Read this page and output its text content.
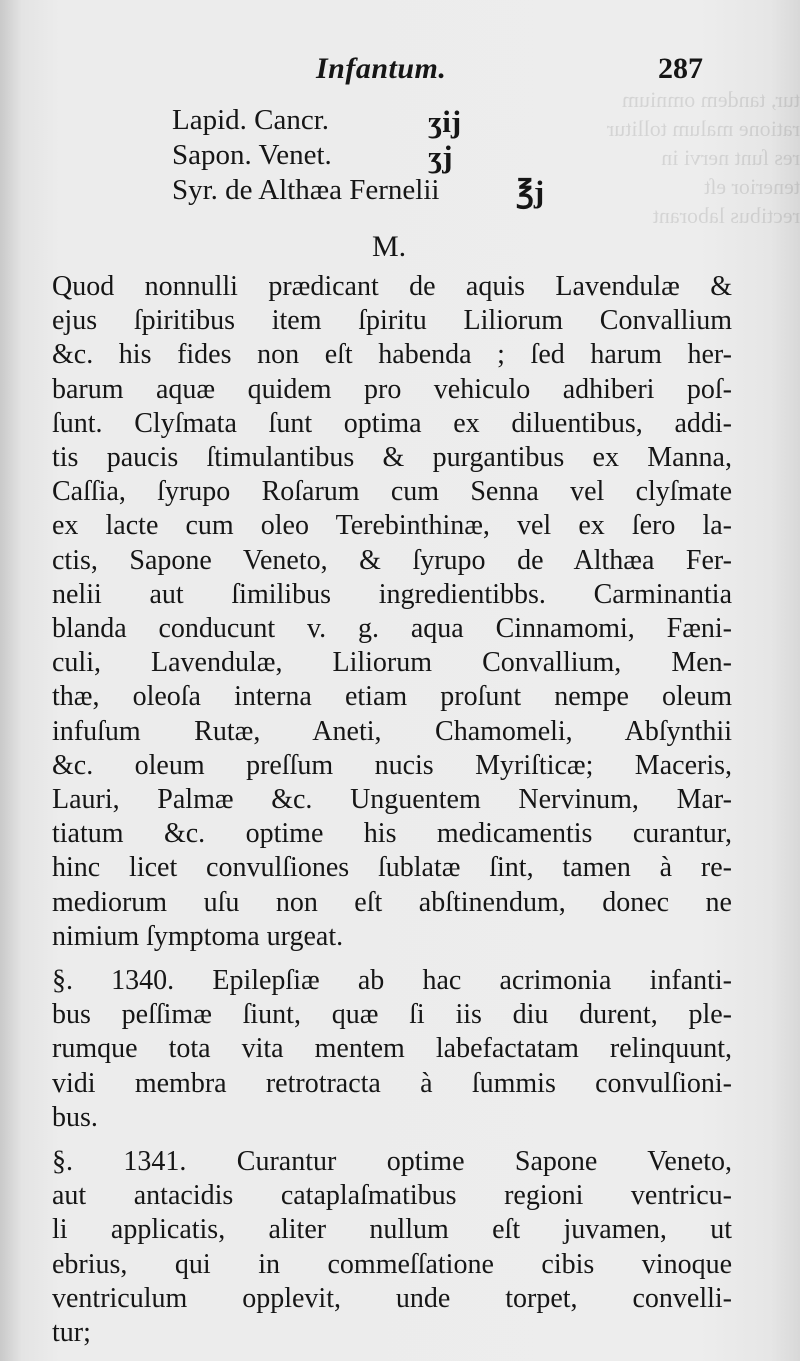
tur, tandem omnium
ratione malum tollitur
res ſunt nervi in
tenerior eſt
rectibus laborant

Infantum.	287
Lapid. Cancr.	ʒij
Sapon. Venet.	ʒj
Syr. de Althæa Fernelii ℥j
M.
Quod nonnulli prædicant de aquis Lavendulæ &
ejus ſpiritibus item ſpiritu Liliorum Convallium
&c. his fides non eſt habenda ; ſed harum her-
barum aquæ quidem pro vehiculo adhiberi poſ-
ſunt. Clyſmata ſunt optima ex diluentibus, addi-
tis paucis ſtimulantibus & purgantibus ex Manna,
Caſſia, ſyrupo Roſarum cum Senna vel clyſmate
ex lacte cum oleo Terebinthinæ, vel ex ſero la-
ctis, Sapone Veneto, & ſyrupo de Althæa Fer-
nelii aut ſimilibus ingredientibbs. Carminantia
blanda conducunt v. g. aqua Cinnamomi, Fæni-
culi, Lavendulæ, Liliorum Convallium, Men-
thæ, oleoſa interna etiam proſunt nempe oleum
infuſum Rutæ, Aneti, Chamomeli, Abſynthii
&c. oleum preſſum nucis Myriſticæ; Maceris,
Lauri, Palmæ &c. Unguentem Nervinum, Mar-
tiatum &c. optime his medicamentis curantur,
hinc licet convulſiones ſublatæ ſint, tamen à re-
mediorum uſu non eſt abſtinendum, donec ne
nimium ſymptoma urgeat.
§. 1340. Epilepſiæ ab hac acrimonia infanti-
bus peſſimæ ſiunt, quæ ſi iis diu durent, ple-
rumque tota vita mentem labefactatam relinquunt,
vidi membra retrotracta à ſummis convulſioni-
bus.
§. 1341. Curantur optime Sapone Veneto,
aut antacidis cataplaſmatibus regioni ventricu-
li applicatis, aliter nullum eſt juvamen, ut
ebrius, qui in commeſſatione cibis vinoque
ventriculum opplevit, unde torpet, convelli-
tur;
